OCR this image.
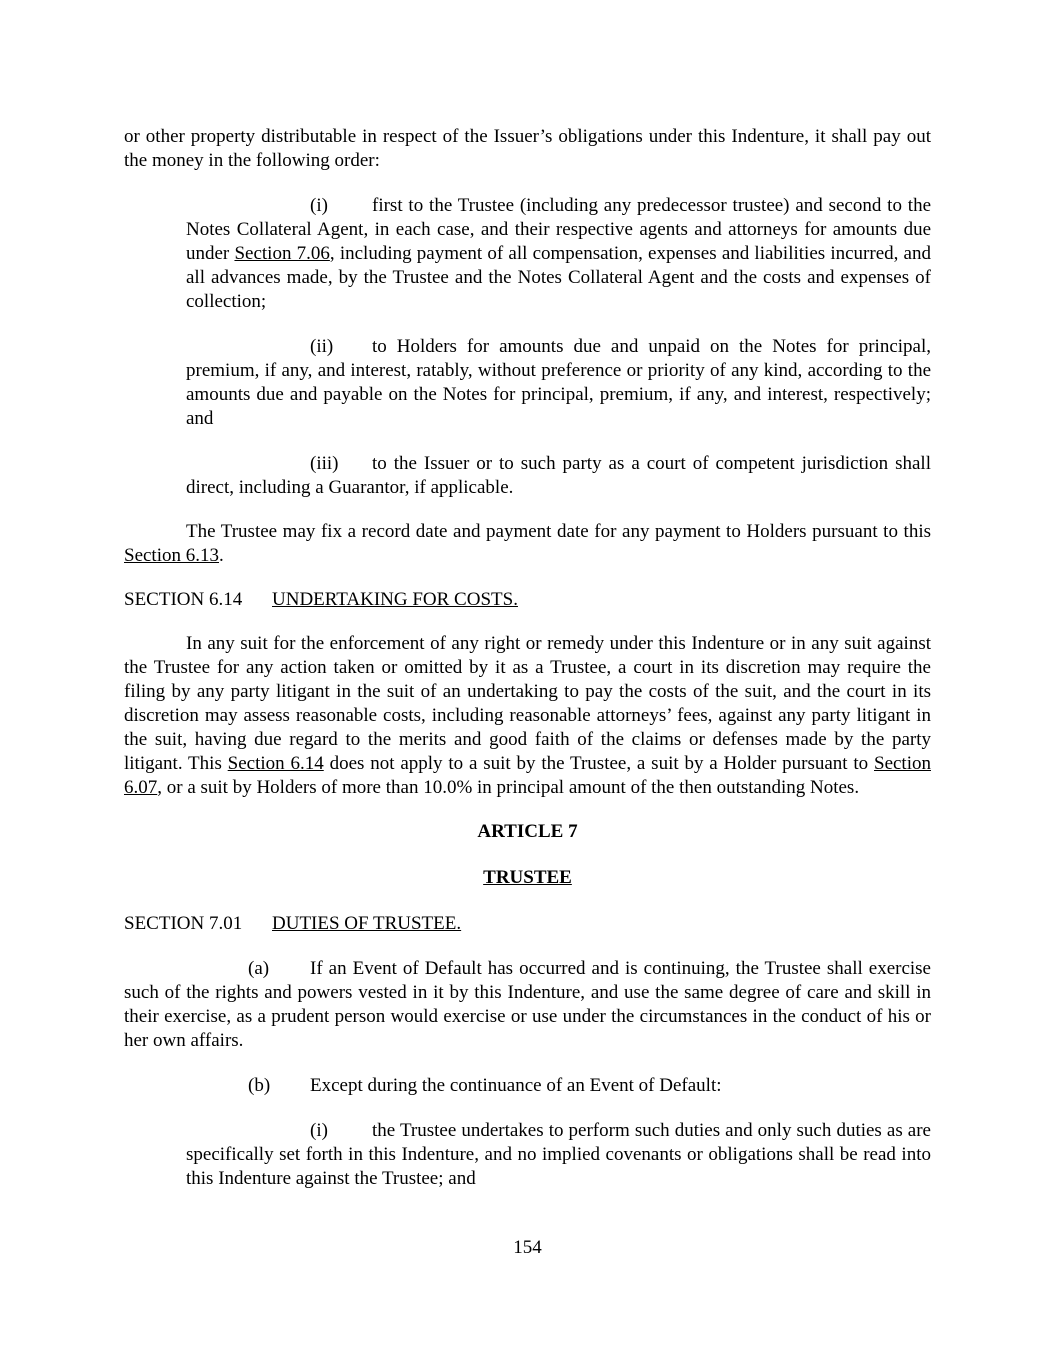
or other property distributable in respect of the Issuer’s obligations under this Indenture, it shall pay out the money in the following order:

(i) first to the Trustee (including any predecessor trustee) and second to the Notes Collateral Agent, in each case, and their respective agents and attorneys for amounts due under Section 7.06, including payment of all compensation, expenses and liabilities incurred, and all advances made, by the Trustee and the Notes Collateral Agent and the costs and expenses of collection;

(ii) to Holders for amounts due and unpaid on the Notes for principal, premium, if any, and interest, ratably, without preference or priority of any kind, according to the amounts due and payable on the Notes for principal, premium, if any, and interest, respectively; and

(iii) to the Issuer or to such party as a court of competent jurisdiction shall direct, including a Guarantor, if applicable.

The Trustee may fix a record date and payment date for any payment to Holders pursuant to this Section 6.13.

SECTION 6.14 UNDERTAKING FOR COSTS.

In any suit for the enforcement of any right or remedy under this Indenture or in any suit against the Trustee for any action taken or omitted by it as a Trustee, a court in its discretion may require the filing by any party litigant in the suit of an undertaking to pay the costs of the suit, and the court in its discretion may assess reasonable costs, including reasonable attorneys’ fees, against any party litigant in the suit, having due regard to the merits and good faith of the claims or defenses made by the party litigant. This Section 6.14 does not apply to a suit by the Trustee, a suit by a Holder pursuant to Section 6.07, or a suit by Holders of more than 10.0% in principal amount of the then outstanding Notes.

ARTICLE 7

TRUSTEE

SECTION 7.01 DUTIES OF TRUSTEE.

(a) If an Event of Default has occurred and is continuing, the Trustee shall exercise such of the rights and powers vested in it by this Indenture, and use the same degree of care and skill in their exercise, as a prudent person would exercise or use under the circumstances in the conduct of his or her own affairs.

(b) Except during the continuance of an Event of Default:

(i) the Trustee undertakes to perform such duties and only such duties as are specifically set forth in this Indenture, and no implied covenants or obligations shall be read into this Indenture against the Trustee; and

154
